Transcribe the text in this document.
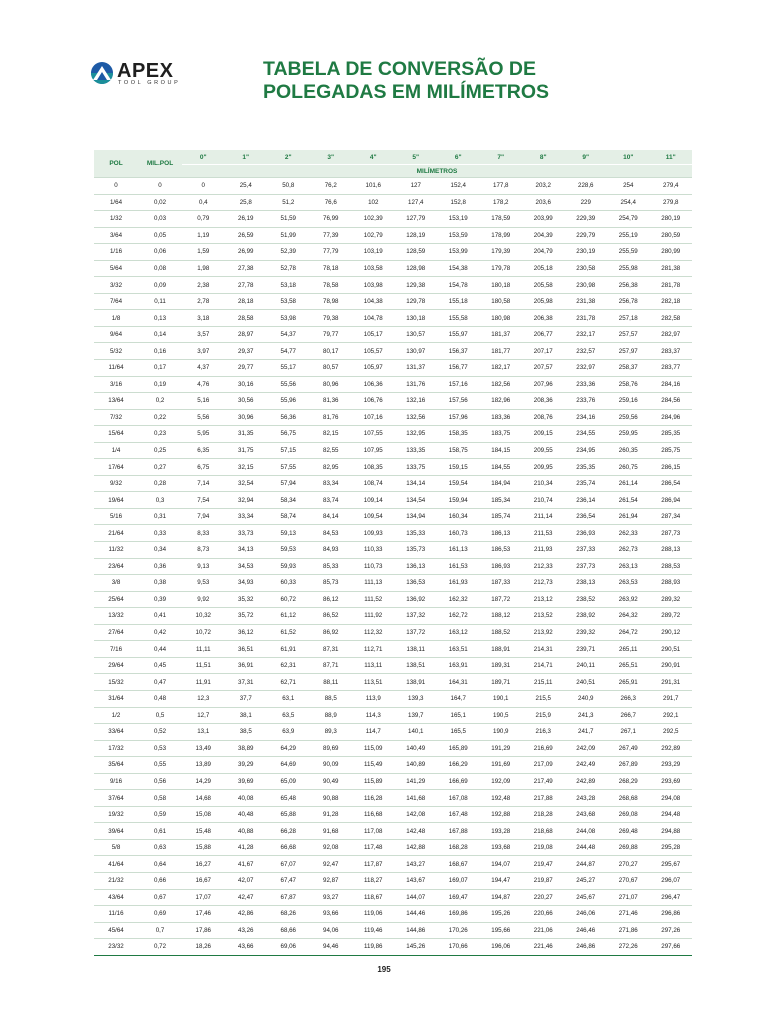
APEX
TOOL GROUP
TABELA DE CONVERSÃO DE
POLEGADAS EM MILÍMETROS
POL	MIL.POL	0"	1"	2"	3"	4"	5"	6"	7"	8"	9"	10"	11"
		MILÍMETROS											
0	0	0	25,4	50,8	76,2	101,6	127	152,4	177,8	203,2	228,6	254	279,4
1/64	0,02	0,4	25,8	51,2	76,6	102	127,4	152,8	178,2	203,6	229	254,4	279,8
1/32	0,03	0,79	26,19	51,59	76,99	102,39	127,79	153,19	178,59	203,99	229,39	254,79	280,19
3/64	0,05	1,19	26,59	51,99	77,39	102,79	128,19	153,59	178,99	204,39	229,79	255,19	280,59
1/16	0,06	1,59	26,99	52,39	77,79	103,19	128,59	153,99	179,39	204,79	230,19	255,59	280,99
5/64	0,08	1,98	27,38	52,78	78,18	103,58	128,98	154,38	179,78	205,18	230,58	255,98	281,38
3/32	0,09	2,38	27,78	53,18	78,58	103,98	129,38	154,78	180,18	205,58	230,98	256,38	281,78
7/64	0,11	2,78	28,18	53,58	78,98	104,38	129,78	155,18	180,58	205,98	231,38	256,78	282,18
1/8	0,13	3,18	28,58	53,98	79,38	104,78	130,18	155,58	180,98	206,38	231,78	257,18	282,58
9/64	0,14	3,57	28,97	54,37	79,77	105,17	130,57	155,97	181,37	206,77	232,17	257,57	282,97
5/32	0,16	3,97	29,37	54,77	80,17	105,57	130,97	156,37	181,77	207,17	232,57	257,97	283,37
11/64	0,17	4,37	29,77	55,17	80,57	105,97	131,37	156,77	182,17	207,57	232,97	258,37	283,77
3/16	0,19	4,76	30,16	55,56	80,96	106,36	131,76	157,16	182,56	207,96	233,36	258,76	284,16
13/64	0,2	5,16	30,56	55,96	81,36	106,76	132,16	157,56	182,96	208,36	233,76	259,16	284,56
7/32	0,22	5,56	30,96	56,36	81,76	107,16	132,56	157,96	183,36	208,76	234,16	259,56	284,96
15/64	0,23	5,95	31,35	56,75	82,15	107,55	132,95	158,35	183,75	209,15	234,55	259,95	285,35
1/4	0,25	6,35	31,75	57,15	82,55	107,95	133,35	158,75	184,15	209,55	234,95	260,35	285,75
17/64	0,27	6,75	32,15	57,55	82,95	108,35	133,75	159,15	184,55	209,95	235,35	260,75	286,15
9/32	0,28	7,14	32,54	57,94	83,34	108,74	134,14	159,54	184,94	210,34	235,74	261,14	286,54
19/64	0,3	7,54	32,94	58,34	83,74	109,14	134,54	159,94	185,34	210,74	236,14	261,54	286,94
5/16	0,31	7,94	33,34	58,74	84,14	109,54	134,94	160,34	185,74	211,14	236,54	261,94	287,34
21/64	0,33	8,33	33,73	59,13	84,53	109,93	135,33	160,73	186,13	211,53	236,93	262,33	287,73
11/32	0,34	8,73	34,13	59,53	84,93	110,33	135,73	161,13	186,53	211,93	237,33	262,73	288,13
23/64	0,36	9,13	34,53	59,93	85,33	110,73	136,13	161,53	186,93	212,33	237,73	263,13	288,53
3/8	0,38	9,53	34,93	60,33	85,73	111,13	136,53	161,93	187,33	212,73	238,13	263,53	288,93
25/64	0,39	9,92	35,32	60,72	86,12	111,52	136,92	162,32	187,72	213,12	238,52	263,92	289,32
13/32	0,41	10,32	35,72	61,12	86,52	111,92	137,32	162,72	188,12	213,52	238,92	264,32	289,72
27/64	0,42	10,72	36,12	61,52	86,92	112,32	137,72	163,12	188,52	213,92	239,32	264,72	290,12
7/16	0,44	11,11	36,51	61,91	87,31	112,71	138,11	163,51	188,91	214,31	239,71	265,11	290,51
29/64	0,45	11,51	36,91	62,31	87,71	113,11	138,51	163,91	189,31	214,71	240,11	265,51	290,91
15/32	0,47	11,91	37,31	62,71	88,11	113,51	138,91	164,31	189,71	215,11	240,51	265,91	291,31
31/64	0,48	12,3	37,7	63,1	88,5	113,9	139,3	164,7	190,1	215,5	240,9	266,3	291,7
1/2	0,5	12,7	38,1	63,5	88,9	114,3	139,7	165,1	190,5	215,9	241,3	266,7	292,1
33/64	0,52	13,1	38,5	63,9	89,3	114,7	140,1	165,5	190,9	216,3	241,7	267,1	292,5
17/32	0,53	13,49	38,89	64,29	89,69	115,09	140,49	165,89	191,29	216,69	242,09	267,49	292,89
35/64	0,55	13,89	39,29	64,69	90,09	115,49	140,89	166,29	191,69	217,09	242,49	267,89	293,29
9/16	0,56	14,29	39,69	65,09	90,49	115,89	141,29	166,69	192,09	217,49	242,89	268,29	293,69
37/64	0,58	14,68	40,08	65,48	90,88	116,28	141,68	167,08	192,48	217,88	243,28	268,68	294,08
19/32	0,59	15,08	40,48	65,88	91,28	116,68	142,08	167,48	192,88	218,28	243,68	269,08	294,48
39/64	0,61	15,48	40,88	66,28	91,68	117,08	142,48	167,88	193,28	218,68	244,08	269,48	294,88
5/8	0,63	15,88	41,28	66,68	92,08	117,48	142,88	168,28	193,68	219,08	244,48	269,88	295,28
41/64	0,64	16,27	41,67	67,07	92,47	117,87	143,27	168,67	194,07	219,47	244,87	270,27	295,67
21/32	0,66	16,67	42,07	67,47	92,87	118,27	143,67	169,07	194,47	219,87	245,27	270,67	296,07
43/64	0,67	17,07	42,47	67,87	93,27	118,67	144,07	169,47	194,87	220,27	245,67	271,07	296,47
11/16	0,69	17,46	42,86	68,26	93,66	119,06	144,46	169,86	195,26	220,66	246,06	271,46	296,86
45/64	0,7	17,86	43,26	68,66	94,06	119,46	144,86	170,26	195,66	221,06	246,46	271,86	297,26
23/32	0,72	18,26	43,66	69,06	94,46	119,86	145,26	170,66	196,06	221,46	246,86	272,26	297,66
195
